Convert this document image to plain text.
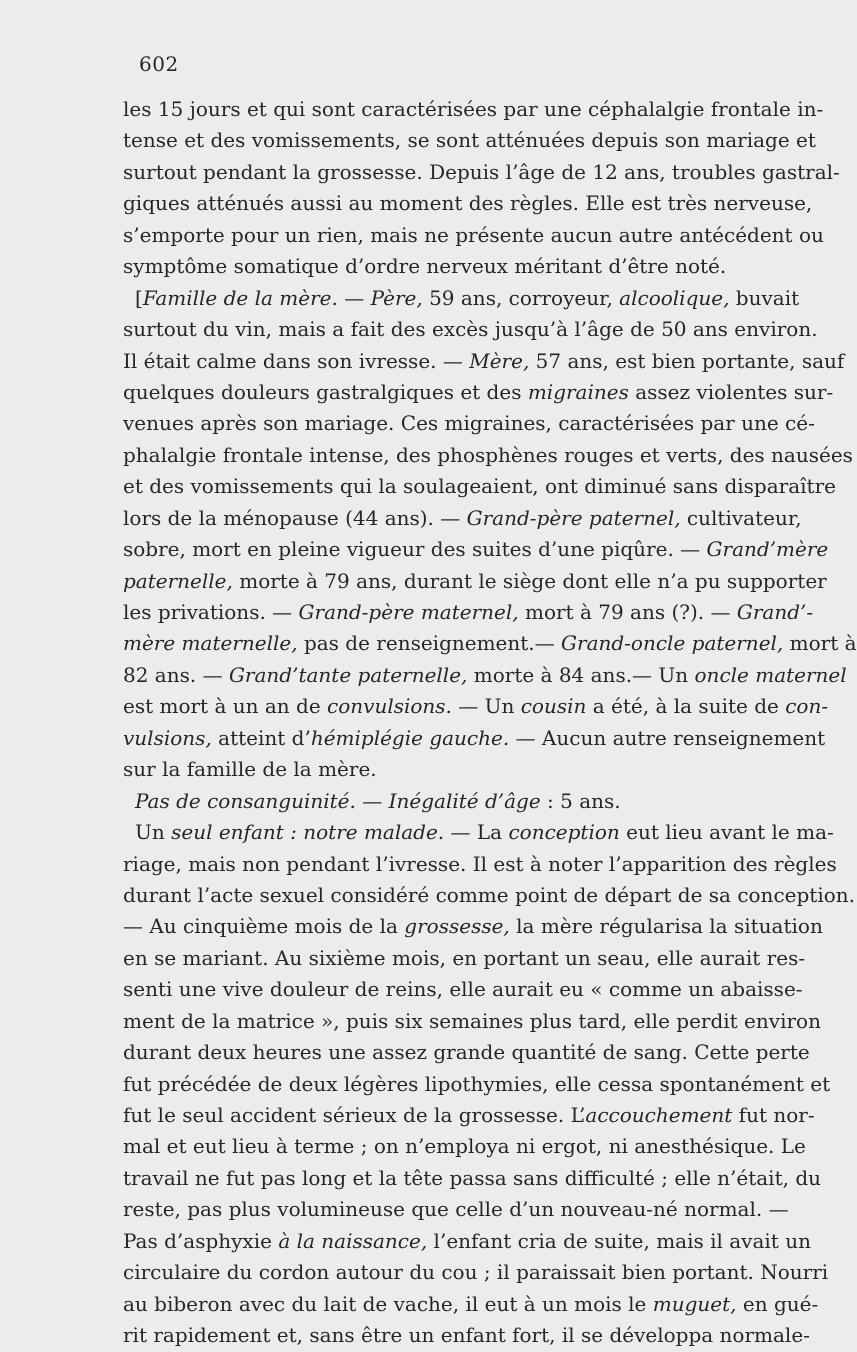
602
les 15 jours et qui sont caractérisées par une céphalalgie frontale in-
tense et des vomissements, se sont atténuées depuis son mariage et
surtout pendant la grossesse. Depuis l’âge de 12 ans, troubles gastral-
giques atténués aussi au moment des règles. Elle est très nerveuse,
s’emporte pour un rien, mais ne présente aucun autre antécédent ou
symptôme somatique d’ordre nerveux méritant d’être noté.
[Famille de la mère. — Père, 59 ans, corroyeur, alcoolique, buvait
surtout du vin, mais a fait des excès jusqu’à l’âge de 50 ans environ.
Il était calme dans son ivresse. — Mère, 57 ans, est bien portante, sauf
quelques douleurs gastralgiques et des migraines assez violentes sur-
venues après son mariage. Ces migraines, caractérisées par une cé-
phalalgie frontale intense, des phosphènes rouges et verts, des nausées
et des vomissements qui la soulageaient, ont diminué sans disparaître
lors de la ménopause (44 ans). — Grand-père paternel, cultivateur,
sobre, mort en pleine vigueur des suites d’une piqûre. — Grand’mère
paternelle, morte à 79 ans, durant le siège dont elle n’a pu supporter
les privations. — Grand-père maternel, mort à 79 ans (?). — Grand’-
mère maternelle, pas de renseignement.— Grand-oncle paternel, mort à
82 ans. — Grand’tante paternelle, morte à 84 ans.— Un oncle maternel
est mort à un an de convulsions. — Un cousin a été, à la suite de con-
vulsions, atteint d’hémiplégie gauche. — Aucun autre renseignement
sur la famille de la mère.
Pas de consanguinité. — Inégalité d’âge : 5 ans.
Un seul enfant : notre malade. — La conception eut lieu avant le ma-
riage, mais non pendant l’ivresse. Il est à noter l’apparition des règles
durant l’acte sexuel considéré comme point de départ de sa conception.
— Au cinquième mois de la grossesse, la mère régularisa la situation
en se mariant. Au sixième mois, en portant un seau, elle aurait res-
senti une vive douleur de reins, elle aurait eu « comme un abaisse-
ment de la matrice », puis six semaines plus tard, elle perdit environ
durant deux heures une assez grande quantité de sang. Cette perte
fut précédée de deux légères lipothymies, elle cessa spontanément et
fut le seul accident sérieux de la grossesse. L’accouchement fut nor-
mal et eut lieu à terme ; on n’employa ni ergot, ni anesthésique. Le
travail ne fut pas long et la tête passa sans difficulté ; elle n’était, du
reste, pas plus volumineuse que celle d’un nouveau-né normal. —
Pas d’asphyxie à la naissance, l’enfant cria de suite, mais il avait un
circulaire du cordon autour du cou ; il paraissait bien portant. Nourri
au biberon avec du lait de vache, il eut à un mois le muguet, en gué-
rit rapidement et, sans être un enfant fort, il se développa normale-
